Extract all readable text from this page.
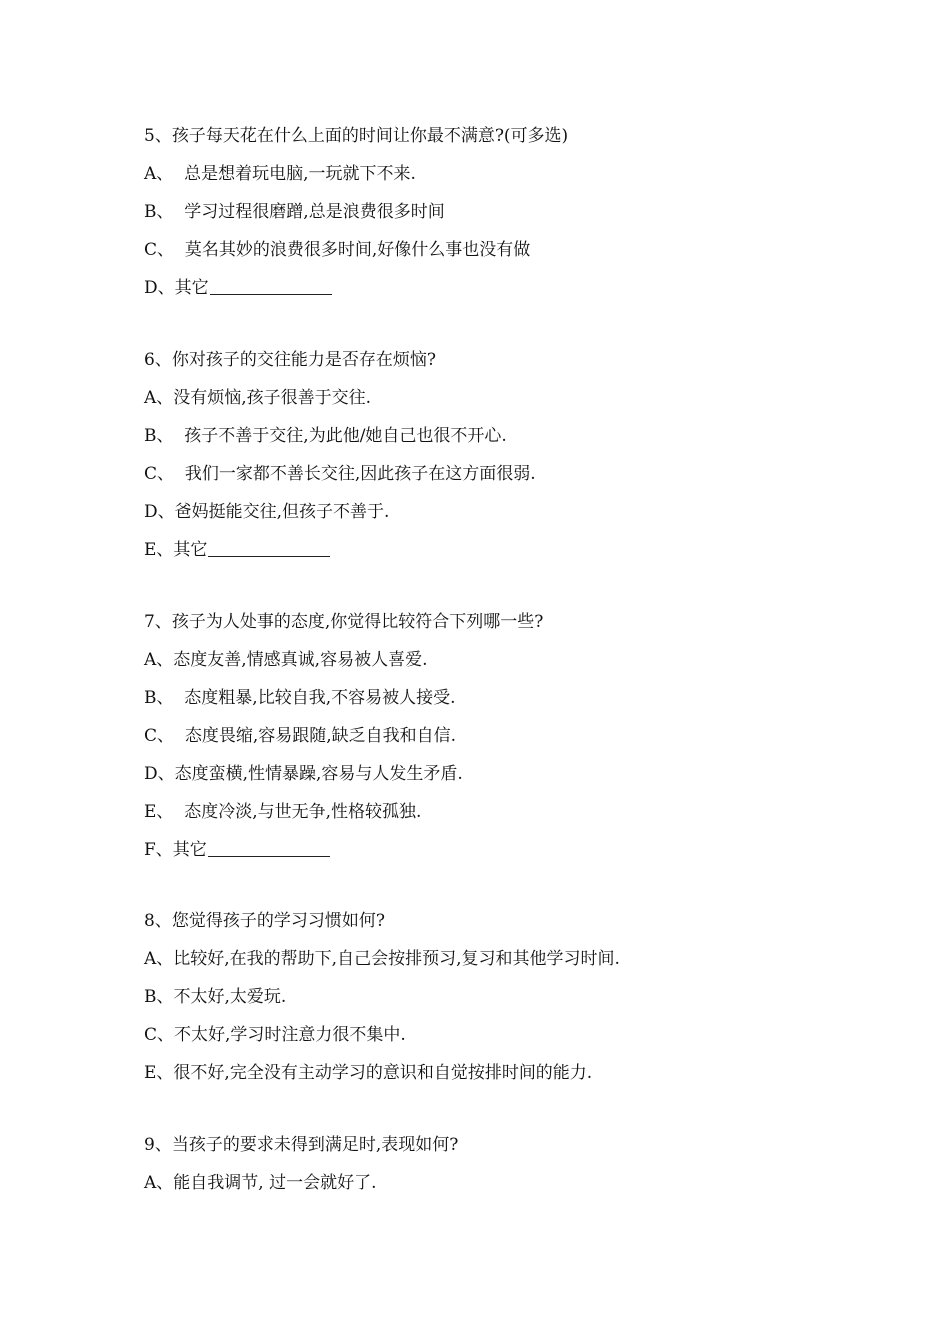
5、孩子每天花在什么上面的时间让你最不满意?(可多选)
A、  总是想着玩电脑,一玩就下不来.
B、  学习过程很磨蹭,总是浪费很多时间
C、  莫名其妙的浪费很多时间,好像什么事也没有做
D、其它
6、你对孩子的交往能力是否存在烦恼?
A、没有烦恼,孩子很善于交往.
B、  孩子不善于交往,为此他/她自己也很不开心.
C、  我们一家都不善长交往,因此孩子在这方面很弱.
D、爸妈挺能交往,但孩子不善于.
E、其它
7、孩子为人处事的态度,你觉得比较符合下列哪一些?
A、态度友善,情感真诚,容易被人喜爱.
B、  态度粗暴,比较自我,不容易被人接受.
C、  态度畏缩,容易跟随,缺乏自我和自信.
D、态度蛮横,性情暴躁,容易与人发生矛盾.
E、  态度冷淡,与世无争,性格较孤独.
F、其它
8、您觉得孩子的学习习惯如何?
A、比较好,在我的帮助下,自己会按排预习,复习和其他学习时间.
B、不太好,太爱玩.
C、不太好,学习时注意力很不集中.
E、很不好,完全没有主动学习的意识和自觉按排时间的能力.
9、当孩子的要求未得到满足时,表现如何?
A、能自我调节, 过一会就好了.
